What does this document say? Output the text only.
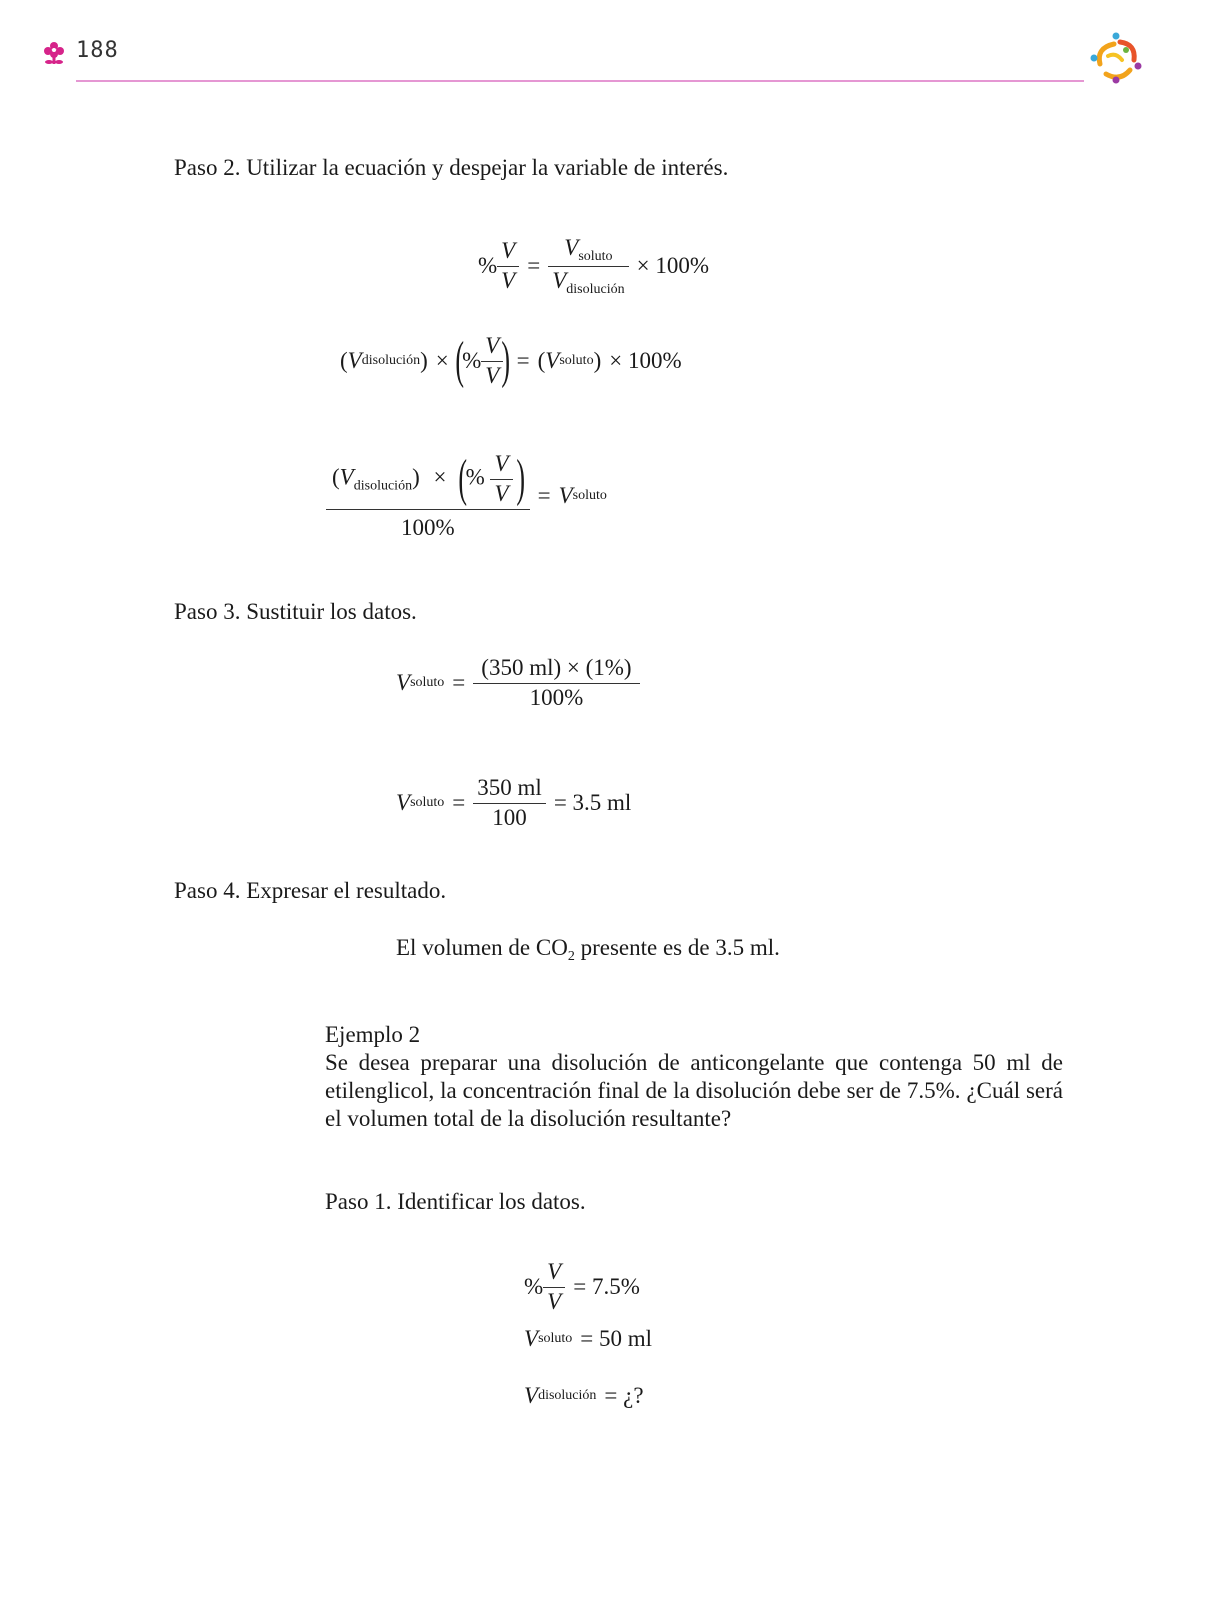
188
Paso 2. Utilizar la ecuación y despejar la variable de interés.
% $\frac{V}{V} = \frac{V_{soluto}}{V_{disolución}} \times 100\%$
( V disolución ) × (
% $\frac{V}{V}$
) = ( V soluto ) × 100%
$\frac{(V_{disolución}) \times (\% \frac{V}{V} )}{100\%} = V$ soluto
Paso 3. Sustituir los datos.
V soluto = $\frac{(350 ml) \times (1\%)}{100\%}$
V soluto = $\frac{350 ml}{100} = 3.5$ ml
Paso 4. Expresar el resultado.
El volumen de $CO_2$ presente es de 3.5 ml.
Ejemplo 2
Se desea preparar una disolución de anticongelante que contenga 50 ml de etilenglicol, la concentración final de la disolución debe ser de 7.5%. ¿Cuál será el volumen total de la disolución resultante?
Paso 1. Identificar los datos.
% $\frac{V}{V} = 7.5\%$
V soluto = 50 ml
V disolución = ¿?
